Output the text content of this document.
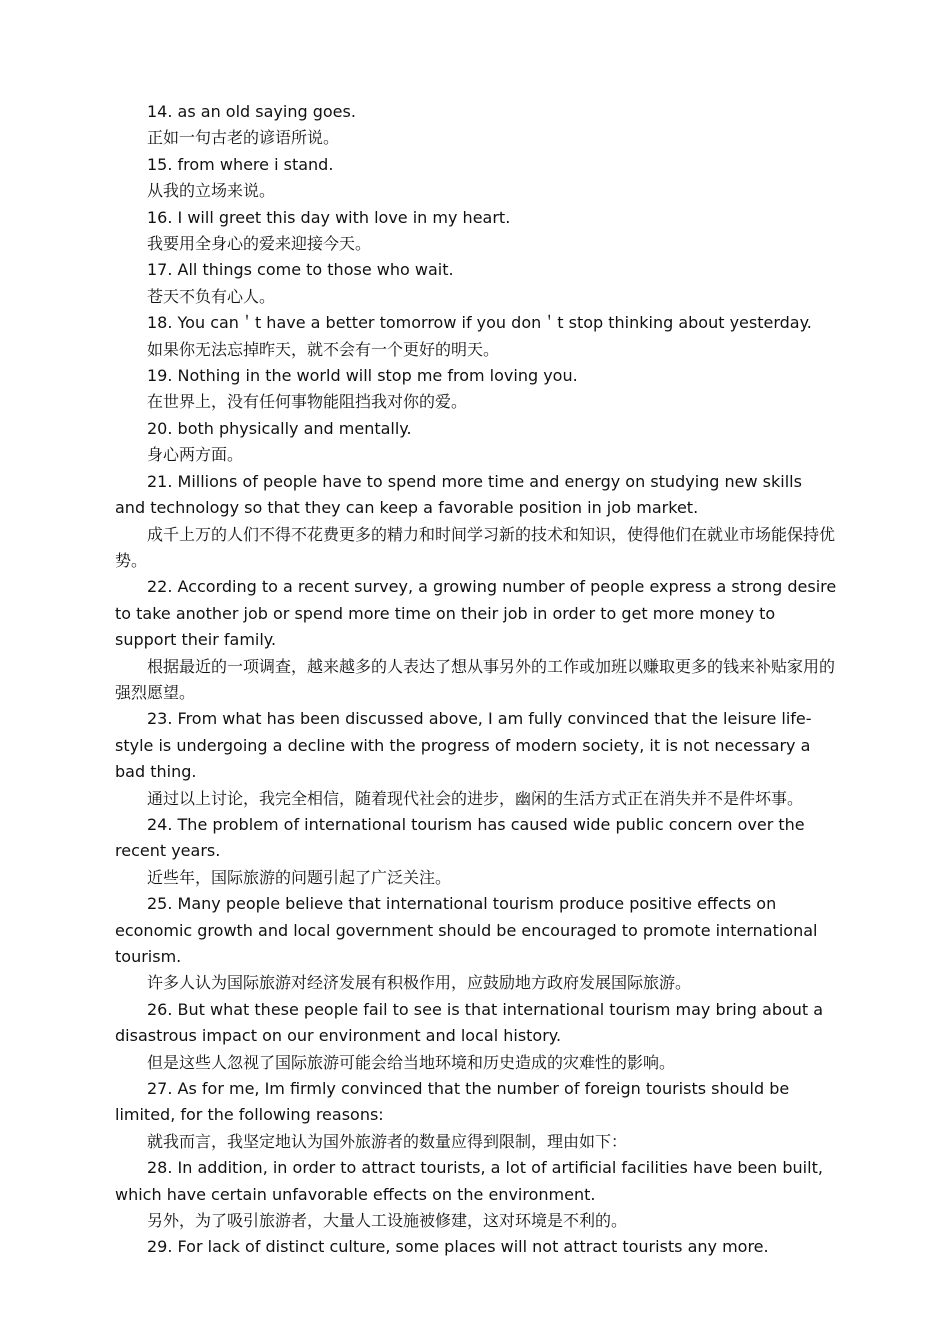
14. as an old saying goes.

正如一句古老的谚语所说。

15. from where i stand.

从我的立场来说。

16. I will greet this day with love in my heart.

我要用全身心的爱来迎接今天。

17. All things come to those who wait.

苍天不负有心人。

18. You can＇t have a better tomorrow if you don＇t stop thinking about yesterday.

如果你无法忘掉昨天，就不会有一个更好的明天。

19. Nothing in the world will stop me from loving you.

在世界上，没有任何事物能阻挡我对你的爱。

20. both physically and mentally.

身心两方面。

21. Millions of people have to spend more time and energy on studying new skills and technology so that they can keep a favorable position in job market.

成千上万的人们不得不花费更多的精力和时间学习新的技术和知识，使得他们在就业市场能保持优势。

22. According to a recent survey, a growing number of people express a strong desire to take another job or spend more time on their job in order to get more money to support their family.

根据最近的一项调查，越来越多的人表达了想从事另外的工作或加班以赚取更多的钱来补贴家用的强烈愿望。

23. From what has been discussed above, I am fully convinced that the leisure life-style is undergoing a decline with the progress of modern society, it is not necessary a bad thing.

通过以上讨论，我完全相信，随着现代社会的进步，幽闲的生活方式正在消失并不是件坏事。

24. The problem of international tourism has caused wide public concern over the recent years.

近些年，国际旅游的问题引起了广泛关注。

25. Many people believe that international tourism produce positive effects on economic growth and local government should be encouraged to promote international tourism.

许多人认为国际旅游对经济发展有积极作用，应鼓励地方政府发展国际旅游。

26. But what these people fail to see is that international tourism may bring about a disastrous impact on our environment and local history.

但是这些人忽视了国际旅游可能会给当地环境和历史造成的灾难性的影响。

27. As for me, Im firmly convinced that the number of foreign tourists should be limited, for the following reasons:

就我而言，我坚定地认为国外旅游者的数量应得到限制，理由如下：

28. In addition, in order to attract tourists, a lot of artificial facilities have been built, which have certain unfavorable effects on the environment.

另外，为了吸引旅游者，大量人工设施被修建，这对环境是不利的。

29. For lack of distinct culture, some places will not attract tourists any more.
